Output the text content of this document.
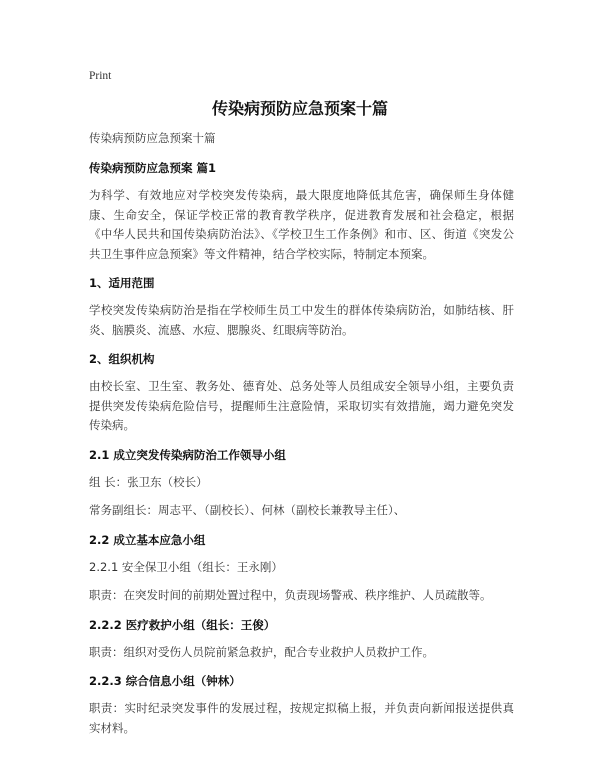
Print
传染病预防应急预案十篇

传染病预防应急预案十篇

传染病预防应急预案 篇1

为科学、有效地应对学校突发传染病，最大限度地降低其危害，确保师生身体健康、生命安全，保证学校正常的教育教学秩序，促进教育发展和社会稳定，根据《中华人民共和国传染病防治法》、《学校卫生工作条例》和市、区、街道《突发公共卫生事件应急预案》等文件精神，结合学校实际，特制定本预案。

1、适用范围

学校突发传染病防治是指在学校师生员工中发生的群体传染病防治，如肺结核、肝炎、脑膜炎、流感、水痘、腮腺炎、红眼病等防治。

2、组织机构

由校长室、卫生室、教务处、德育处、总务处等人员组成安全领导小组，主要负责提供突发传染病危险信号，提醒师生注意险情，采取切实有效措施，竭力避免突发传染病。

2.1 成立突发传染病防治工作领导小组

组 长：张卫东（校长）

常务副组长：周志平、（副校长）、何林（副校长兼教导主任）、

2.2 成立基本应急小组

2.2.1 安全保卫小组（组长：王永刚）

职责：在突发时间的前期处置过程中，负责现场警戒、秩序维护、人员疏散等。

2.2.2 医疗救护小组（组长：王俊）

职责：组织对受伤人员院前紧急救护，配合专业救护人员救护工作。

2.2.3 综合信息小组（钟林）

职责：实时纪录突发事件的发展过程，按规定拟稿上报，并负责向新闻报送提供真实材料。
